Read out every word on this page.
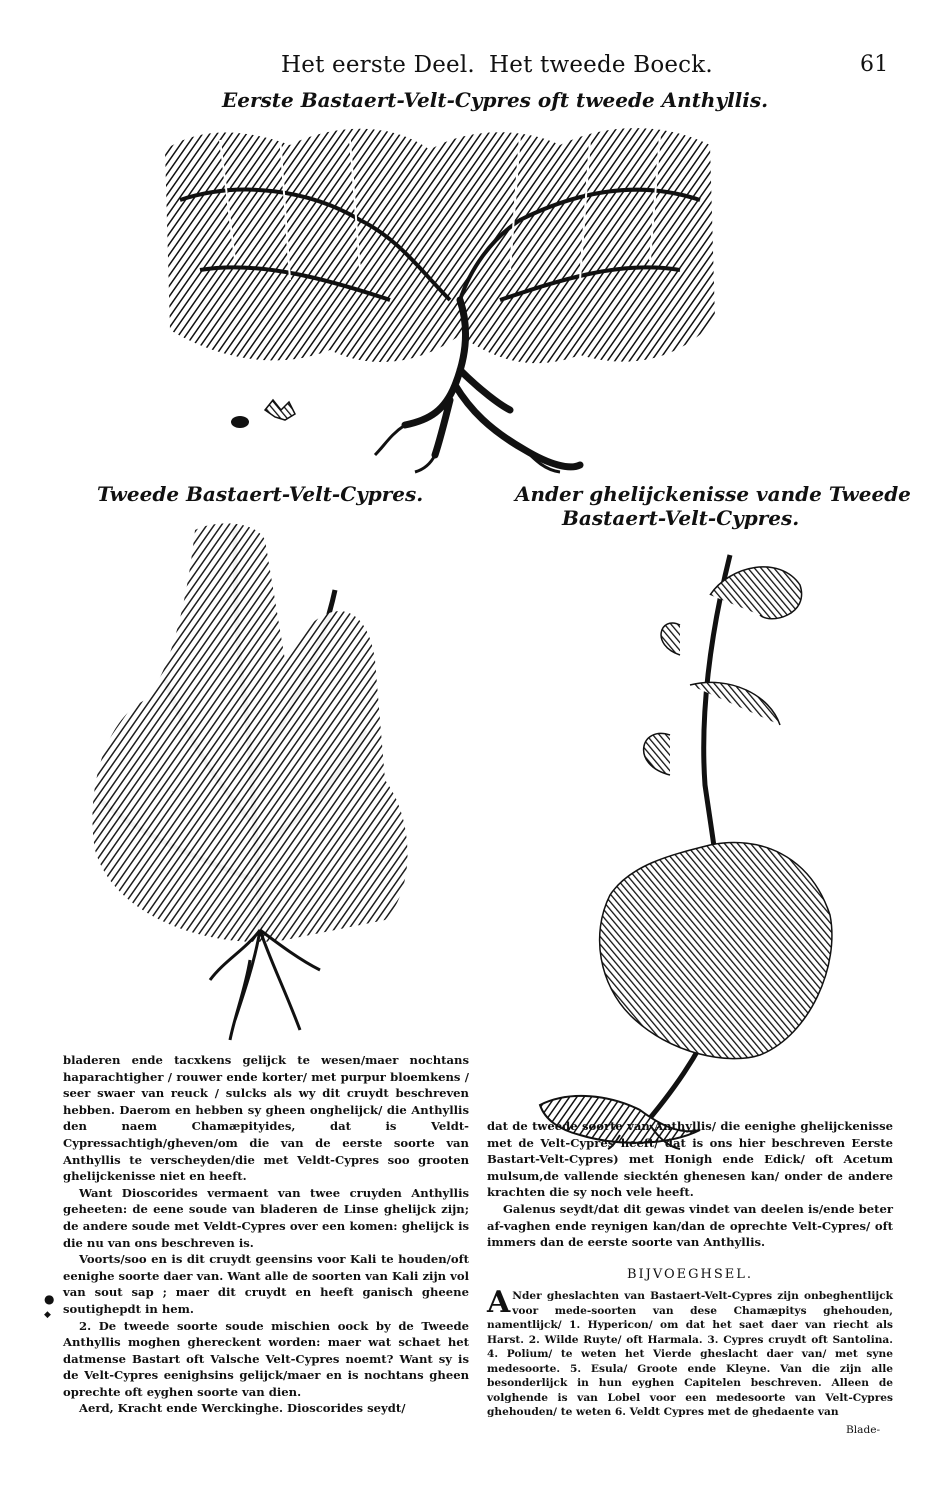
Het eerste Deel. Het tweede Boeck.	61
Eerste Bastaert-Velt-Cypres oft tweede Anthyllis.
Tweede Bastaert-Velt-Cypres.	Ander ghelijckenisse vande Tweede
Bastaert-Velt-Cypres.

bladeren ende tacxkens gelijck te wesen/maer nochtans haparachtigher / rouwer ende korter/ met purpur bloemkens / seer swaer van reuck / sulcks als wy dit cruydt beschreven hebben. Daerom en hebben sy gheen onghelijck/ die Anthyllis den naem Chamæpityides, dat is Veldt-Cypressachtigh/gheven/om die van de eerste soorte van Anthyllis te verscheyden/die met Veldt-Cypres soo grooten ghelijckenisse niet en heeft.

Want Dioscorides vermaent van twee cruyden Anthyllis geheeten: de eene soude van bladeren de Linse ghelijck zijn; de andere soude met Veldt-Cypres over een komen: ghelijck is die nu van ons beschreven is.

Voorts/soo en is dit cruydt geensins voor Kali te houden/oft eenighe soorte daer van. Want alle de soorten van Kali zijn vol van sout sap ; maer dit cruydt en heeft ganisch gheene soutighepdt in hem.

2. De tweede soorte soude mischien oock by de Tweede Anthyllis moghen ghereckent worden: maer wat schaet het datmense Bastart oft Valsche Velt-Cypres noemt? Want sy is de Velt-Cypres eenighsins gelijck/maer en is nochtans gheen oprechte oft eyghen soorte van dien.

Aerd, Kracht ende Werckinghe. Dioscorides seydt/

●
◆

dat de tweede soorte van Anthyllis/ die eenighe ghelijckenisse met de Velt-Cypres heeft/ dat is ons hier beschreven Eerste Bastart-Velt-Cypres) met Honigh ende Edick/ oft Acetum mulsum,de vallende siecktén ghenesen kan/ onder de andere krachten die sy noch vele heeft.

Galenus seydt/dat dit gewas vindet van deelen is/ende beter af-vaghen ende reynigen kan/dan de oprechte Velt-Cypres/ oft immers dan de eerste soorte van Anthyllis.

BIJVOEGHSEL.
A Nder gheslachten van Bastaert-Velt-Cypres zijn onbeghentlijck voor mede-soorten van dese Chamæpitys ghehouden, namentlijck/ 1. Hypericon/ om dat het saet daer van riecht als Harst. 2. Wilde Ruyte/ oft Harmala. 3. Cypres cruydt oft Santolina. 4. Polium/ te weten het Vierde gheslacht daer van/ met syne medesoorte. 5. Esula/ Groote ende Kleyne. Van die zijn alle besonderlijck in hun eyghen Capitelen beschreven. Alleen de volghende is van Lobel voor een medesoorte van Velt-Cypres ghehouden/ te weten 6. Veldt Cypres met de ghedaente van
Blade-
